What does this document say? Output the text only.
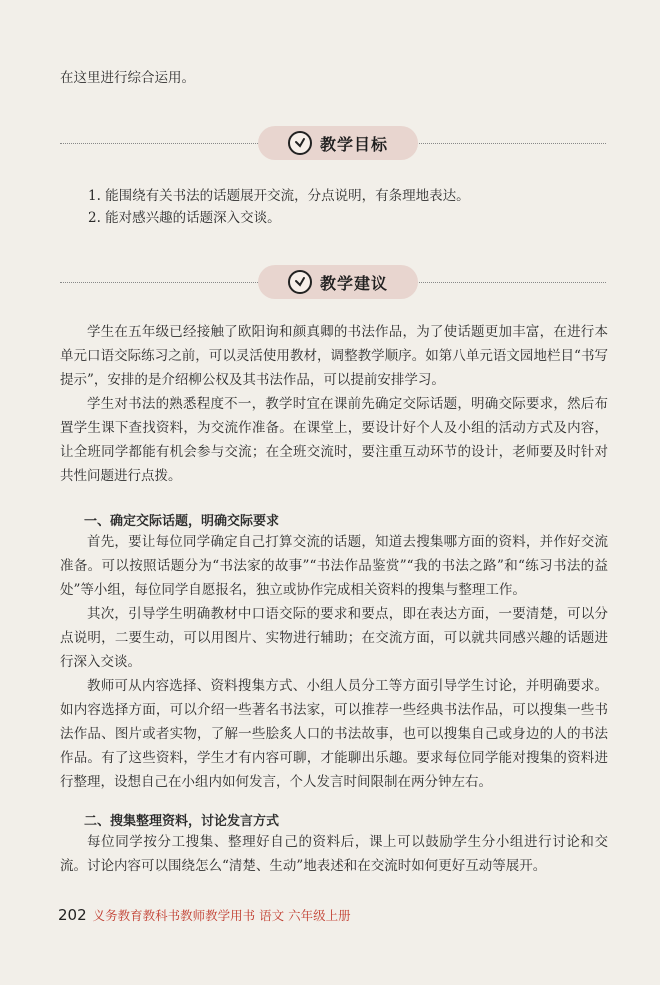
在这里进行综合运用。

教学目标

1. 能围绕有关书法的话题展开交流，分点说明，有条理地表达。

2. 能对感兴趣的话题深入交谈。

教学建议

学生在五年级已经接触了欧阳询和颜真卿的书法作品，为了使话题更加丰富，在进行本单元口语交际练习之前，可以灵活使用教材，调整教学顺序。如第八单元语文园地栏目“书写提示”，安排的是介绍柳公权及其书法作品，可以提前安排学习。

学生对书法的熟悉程度不一，教学时宜在课前先确定交际话题，明确交际要求，然后布置学生课下查找资料，为交流作准备。在课堂上，要设计好个人及小组的活动方式及内容，让全班同学都能有机会参与交流；在全班交流时，要注重互动环节的设计，老师要及时针对共性问题进行点拨。

一、确定交际话题，明确交际要求

首先，要让每位同学确定自己打算交流的话题，知道去搜集哪方面的资料，并作好交流准备。可以按照话题分为“书法家的故事”“书法作品鉴赏”“我的书法之路”和“练习书法的益处”等小组，每位同学自愿报名，独立或协作完成相关资料的搜集与整理工作。

其次，引导学生明确教材中口语交际的要求和要点，即在表达方面，一要清楚，可以分点说明，二要生动，可以用图片、实物进行辅助；在交流方面，可以就共同感兴趣的话题进行深入交谈。

教师可从内容选择、资料搜集方式、小组人员分工等方面引导学生讨论，并明确要求。如内容选择方面，可以介绍一些著名书法家，可以推荐一些经典书法作品，可以搜集一些书法作品、图片或者实物，了解一些脍炙人口的书法故事，也可以搜集自己或身边的人的书法作品。有了这些资料，学生才有内容可聊，才能聊出乐趣。要求每位同学能对搜集的资料进行整理，设想自己在小组内如何发言，个人发言时间限制在两分钟左右。

二、搜集整理资料，讨论发言方式

每位同学按分工搜集、整理好自己的资料后，课上可以鼓励学生分小组进行讨论和交流。讨论内容可以围绕怎么“清楚、生动”地表述和在交流时如何更好互动等展开。

202 义务教育教科书教师教学用书 语文 六年级上册
